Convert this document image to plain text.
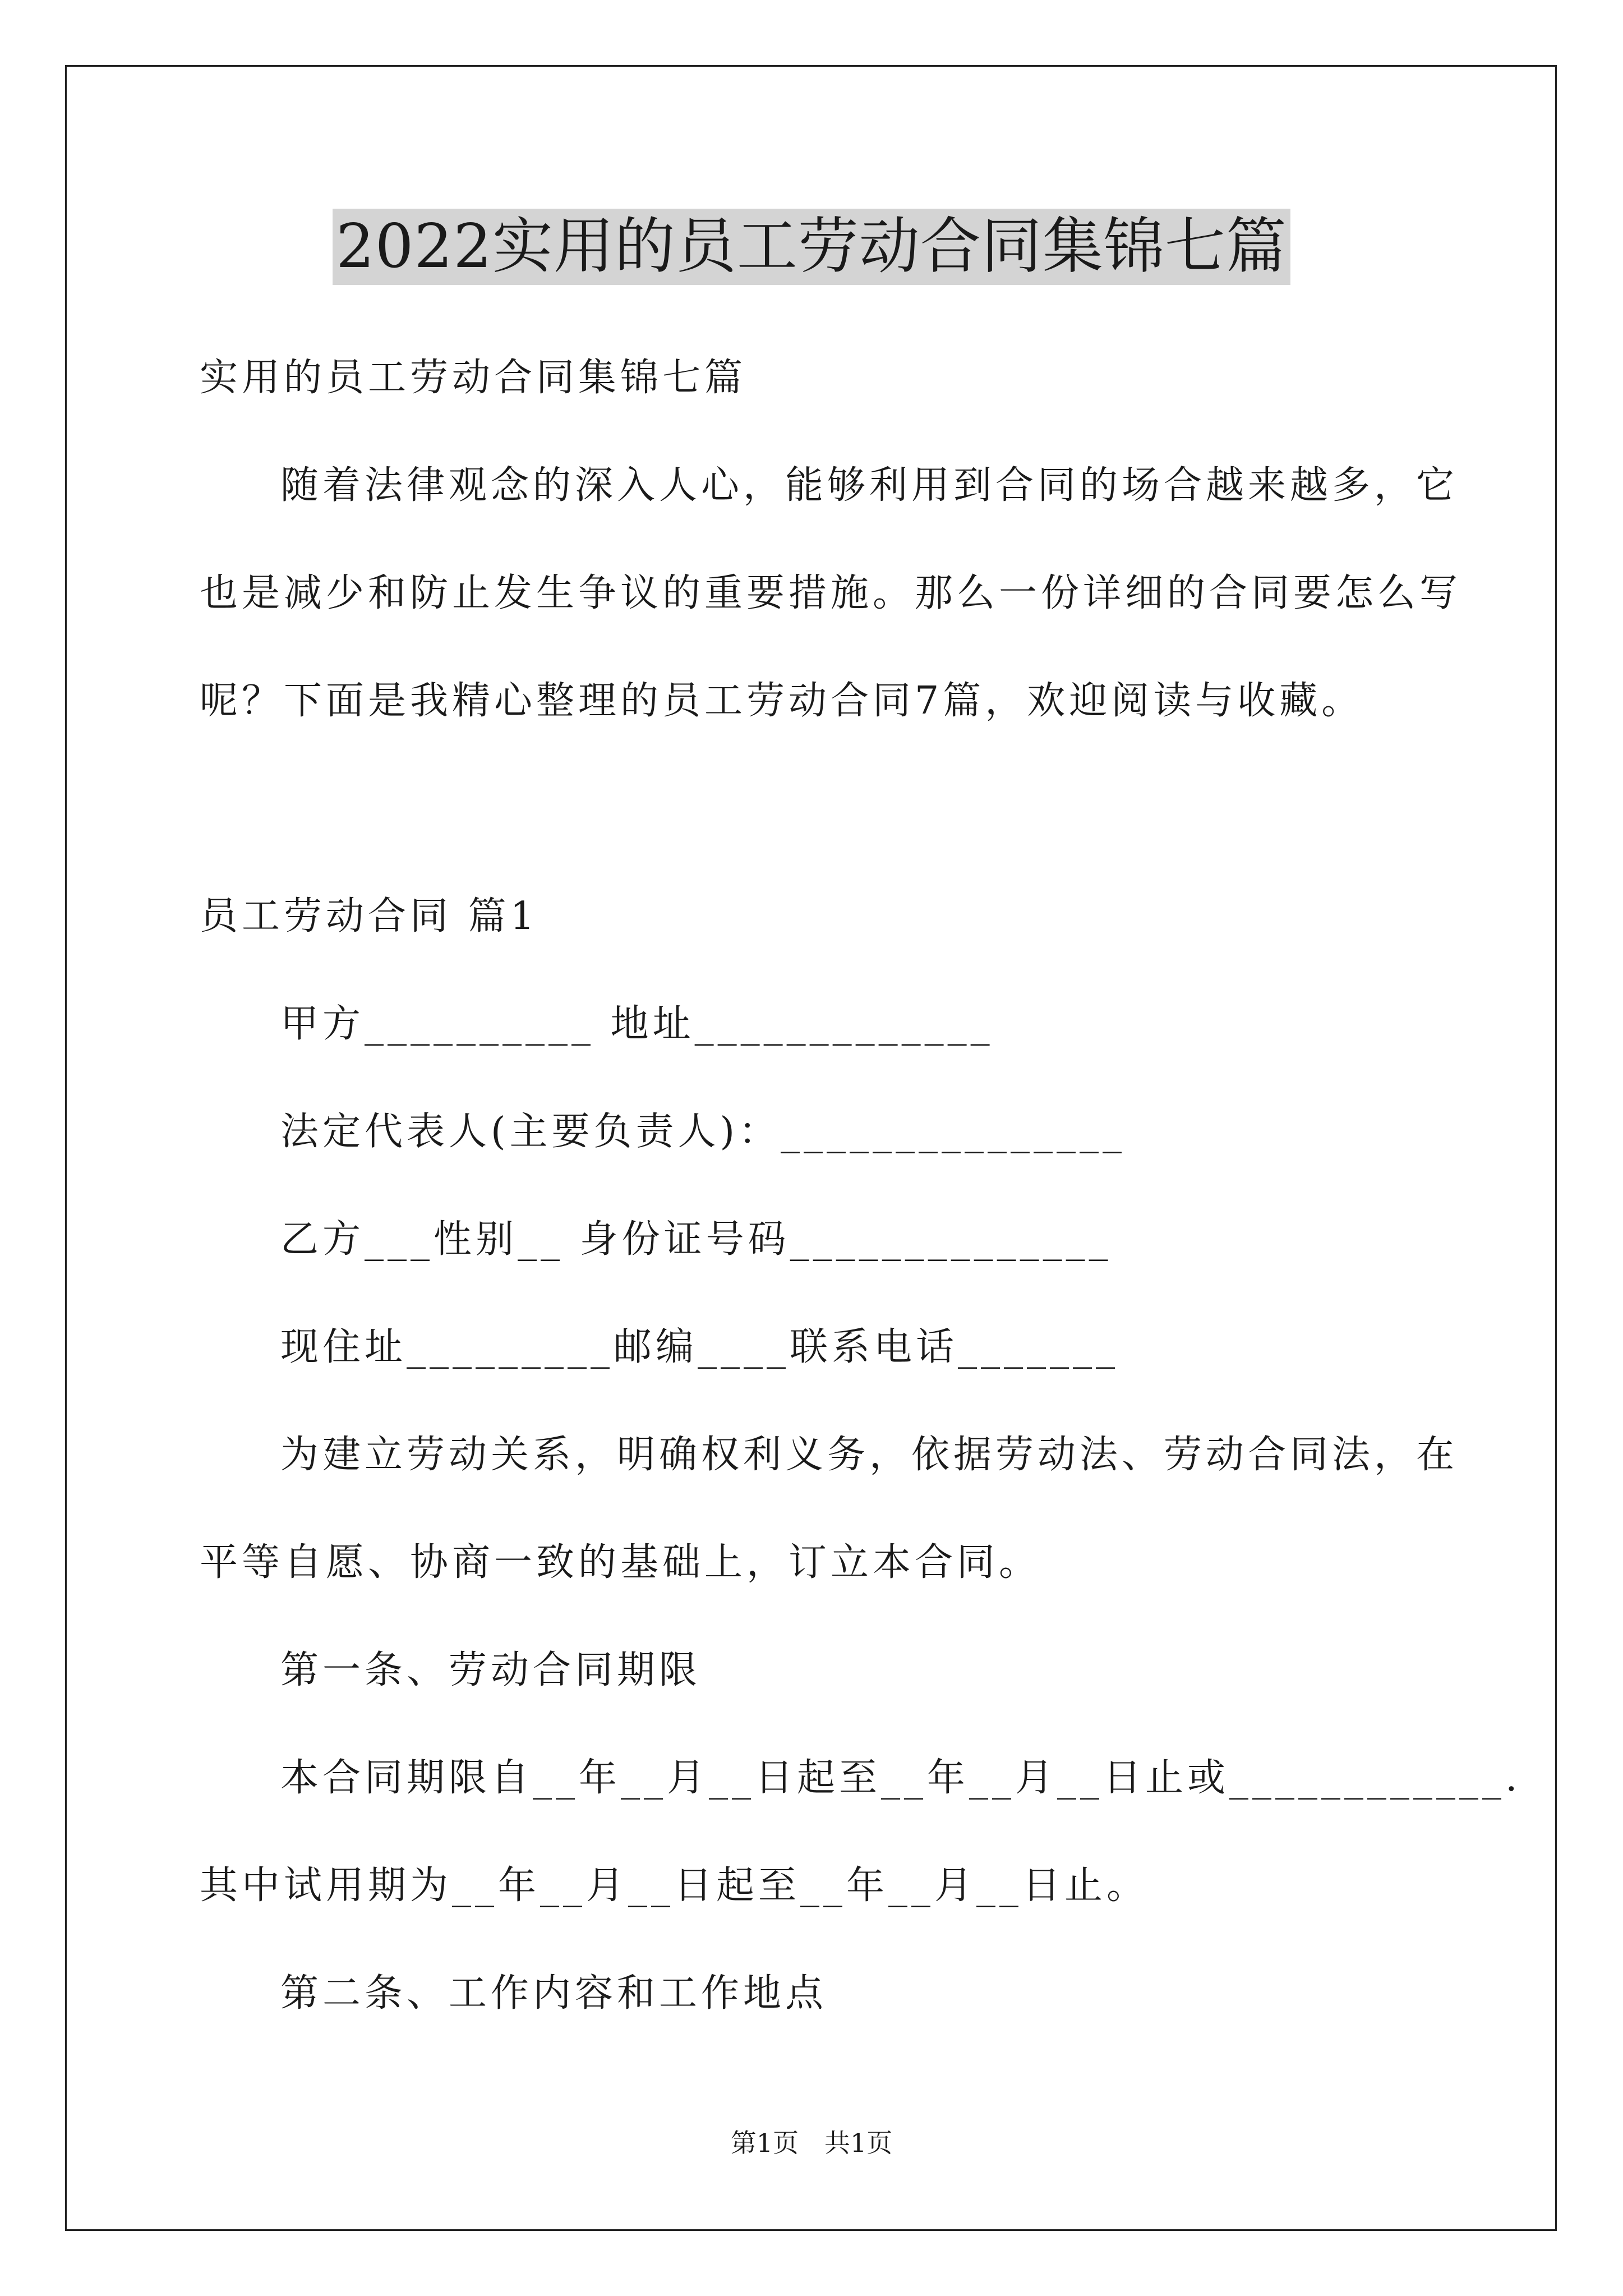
2022实用的员工劳动合同集锦七篇
实用的员工劳动合同集锦七篇
随着法律观念的深入人心，能够利用到合同的场合越来越多，它
也是减少和防止发生争议的重要措施。那么一份详细的合同要怎么写
呢？下面是我精心整理的员工劳动合同7篇，欢迎阅读与收藏。
员工劳动合同 篇1
甲方__________ 地址_____________
法定代表人(主要负责人)：_______________
乙方___性别__ 身份证号码______________
现住址_________邮编____联系电话_______
为建立劳动关系，明确权利义务，依据劳动法、劳动合同法，在
平等自愿、协商一致的基础上，订立本合同。
第一条、劳动合同期限
本合同期限自__年__月__日起至__年__月__日止或____________.
其中试用期为__年__月__日起至__年__月__日止。
第二条、工作内容和工作地点
第1页　共1页
